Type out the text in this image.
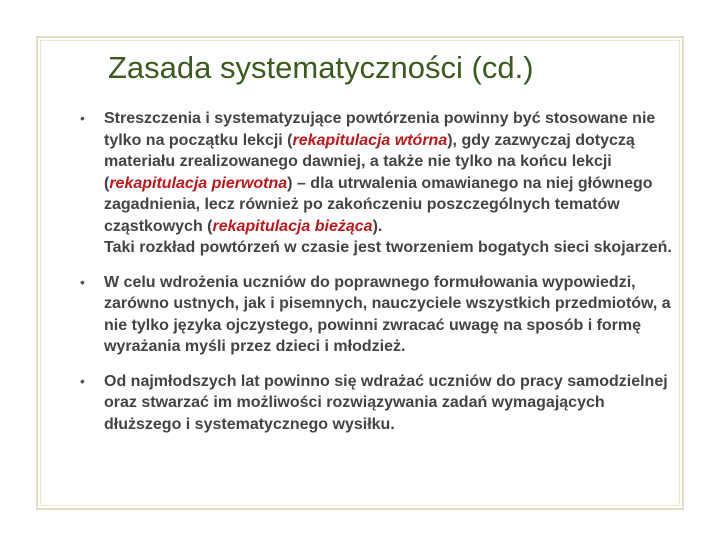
Zasada systematyczności (cd.)
• Streszczenia i systematyzujące powtórzenia powinny być stosowane nie tylko na początku lekcji (rekapitulacja wtórna), gdy zazwyczaj dotyczą materiału zrealizowanego dawniej, a także nie tylko na końcu lekcji (rekapitulacja pierwotna) – dla utrwalenia omawianego na niej głównego zagadnienia, lecz również po zakończeniu poszczególnych tematów cząstkowych (rekapitulacja bieżąca).
Taki rozkład powtórzeń w czasie jest tworzeniem bogatych sieci skojarzeń.
• W celu wdrożenia uczniów do poprawnego formułowania wypowiedzi, zarówno ustnych, jak i pisemnych, nauczyciele wszystkich przedmiotów, a nie tylko języka ojczystego, powinni zwracać uwagę na sposób i formę wyrażania myśli przez dzieci i młodzież.
• Od najmłodszych lat powinno się wdrażać uczniów do pracy samodzielnej oraz stwarzać im możliwości rozwiązywania zadań wymagających dłuższego i systematycznego wysiłku.
